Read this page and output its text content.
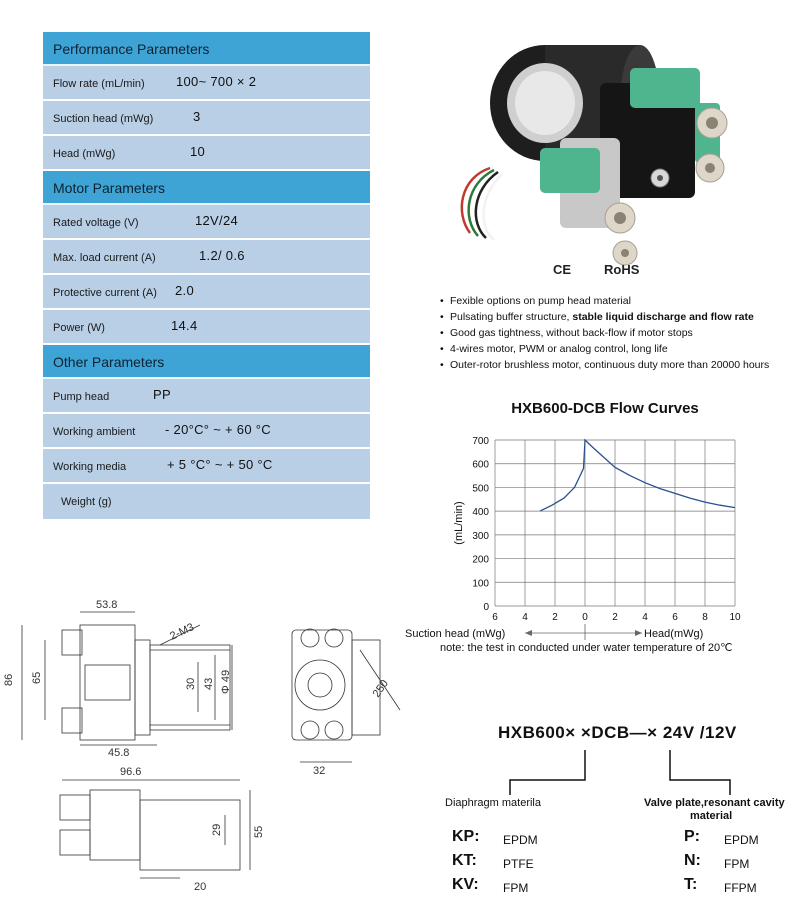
Performance Parameters
Flow rate (mL/min) 100~ 700 × 2
Suction head (mWg)	3
Head (mWg)	10
Motor Parameters
Rated voltage (V)	12V/24
Max. load current (A)	1.2/ 0.6
Protective current (A) 2.0
Power (W)	14.4
Other Parameters
Pump head	PP
Working ambient - 20°C° ~ + 60 °C
Working media	+ 5 °C° ~ + 50 °C
Weight (g)
CE	RoHS
• Fexible options on pump head material
• Pulsating buffer structure, stable liquid discharge and flow rate
• Good gas tightness, without back-flow if motor stops
• 4-wires motor, PWM or analog control, long life
• Outer-rotor brushless motor, continuous duty more than 20000 hours
HXB600-DCB Flow Curves
0
100
200
300
400
500
600
700
6 4 2 0 2 4 6 8 10
(mL/min)
Suction head (mWg)	Head(mWg)
note: the test in conducted under water temperature of 20℃
53.8
2-M3
86 65	30 43 Φ 49
45.8
250
32
96.6
29	55
20
HXB600× ×DCB—× 24V /12V
Diaphragm materila	Valve plate,resonant cavity
material
KP: EPDM
KT: PTFE
KV: FPM
P: EPDM
N: FPM
T: FFPM
